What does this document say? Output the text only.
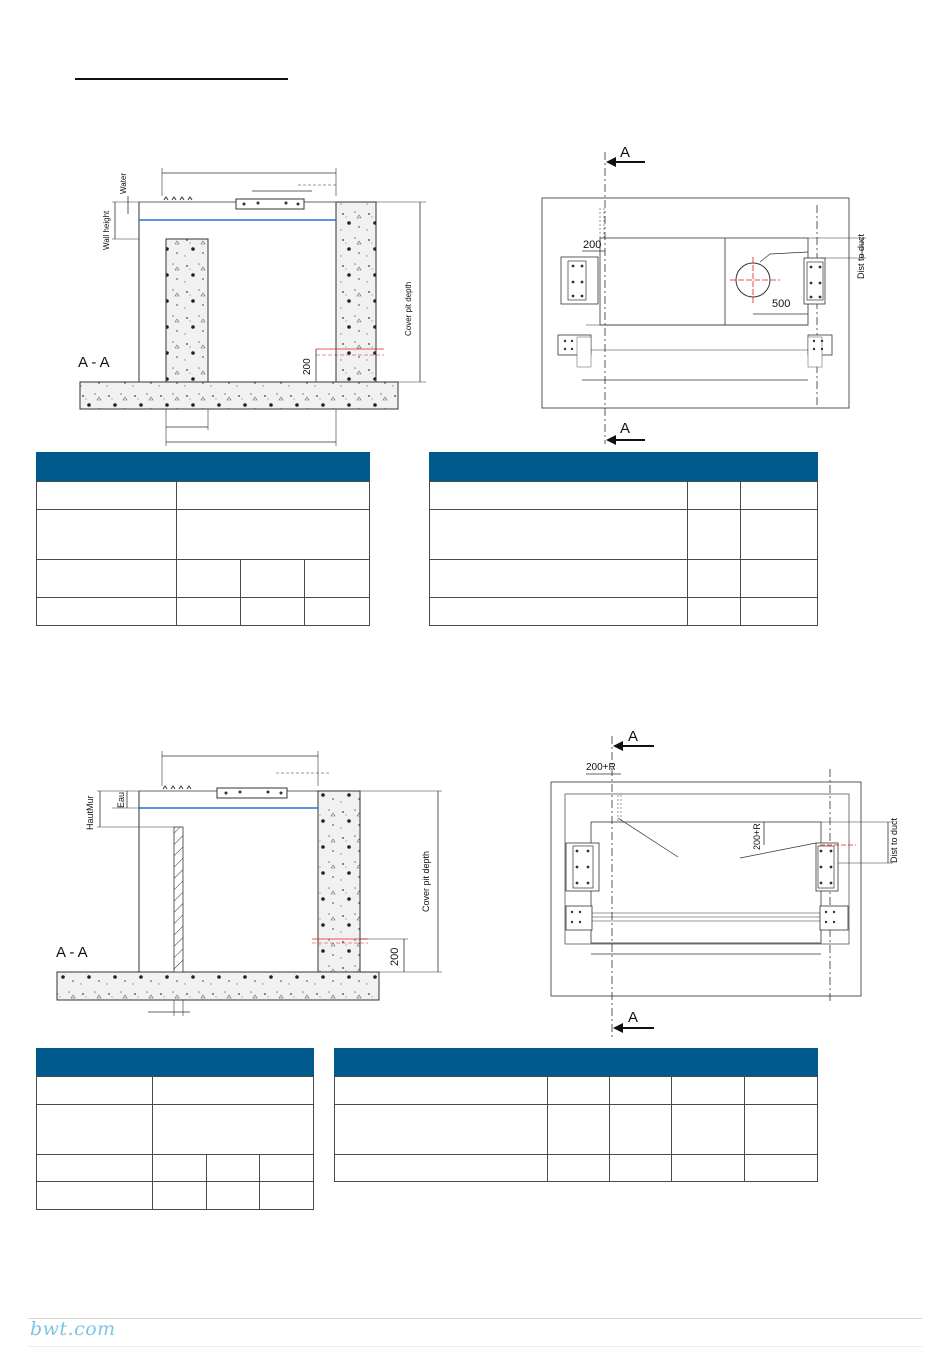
Water
Wall height
Cover pit depth
200
A - A
500
200	Dist to duct
A
A
Eau
HautMur
Cover pit depth
200
A - A
Dist to duct
200+R
200+R
A
A

bwt.com
